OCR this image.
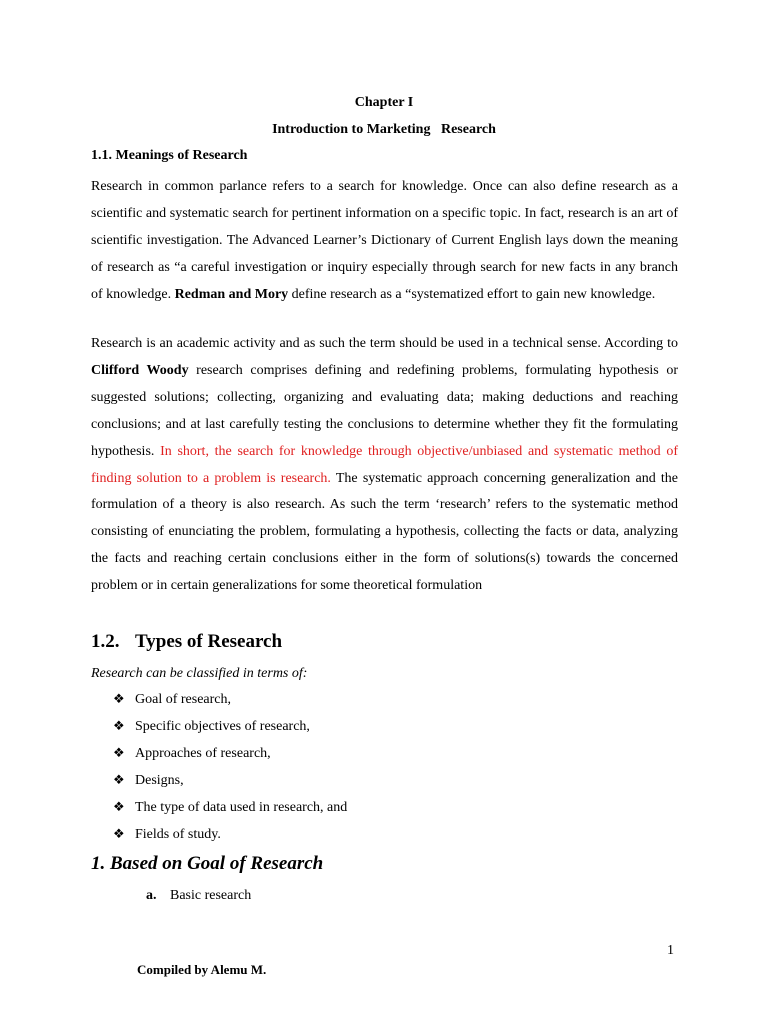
Chapter I
Introduction to Marketing   Research
1.1. Meanings of Research

Research in common parlance refers to a search for knowledge. Once can also define research as a scientific and systematic search for pertinent information on a specific topic. In fact, research is an art of scientific investigation. The Advanced Learner’s Dictionary of Current English lays down the meaning of research as “a careful investigation or inquiry especially through search for new facts in any branch of knowledge. Redman and Mory define research as a “systematized effort to gain new knowledge.

Research is an academic activity and as such the term should be used in a technical sense. According to Clifford Woody research comprises defining and redefining problems, formulating hypothesis or suggested solutions; collecting, organizing and evaluating data; making deductions and reaching conclusions; and at last carefully testing the conclusions to determine whether they fit the formulating hypothesis. In short, the search for knowledge through objective/unbiased and systematic method of finding solution to a problem is research. The systematic approach concerning generalization and the formulation of a theory is also research. As such the term ‘research’ refers to the systematic method consisting of enunciating the problem, formulating a hypothesis, collecting the facts or data, analyzing the facts and reaching certain conclusions either in the form of solutions(s) towards the concerned problem or in certain generalizations for some theoretical formulation

1.2. Types of Research
Research can be classified in terms of:
❖ Goal of research,
❖ Specific objectives of research,
❖ Approaches of research,
❖ Designs,
❖ The type of data used in research, and
❖ Fields of study.
1. Based on Goal of Research
a. Basic research
1
Compiled by Alemu M.
